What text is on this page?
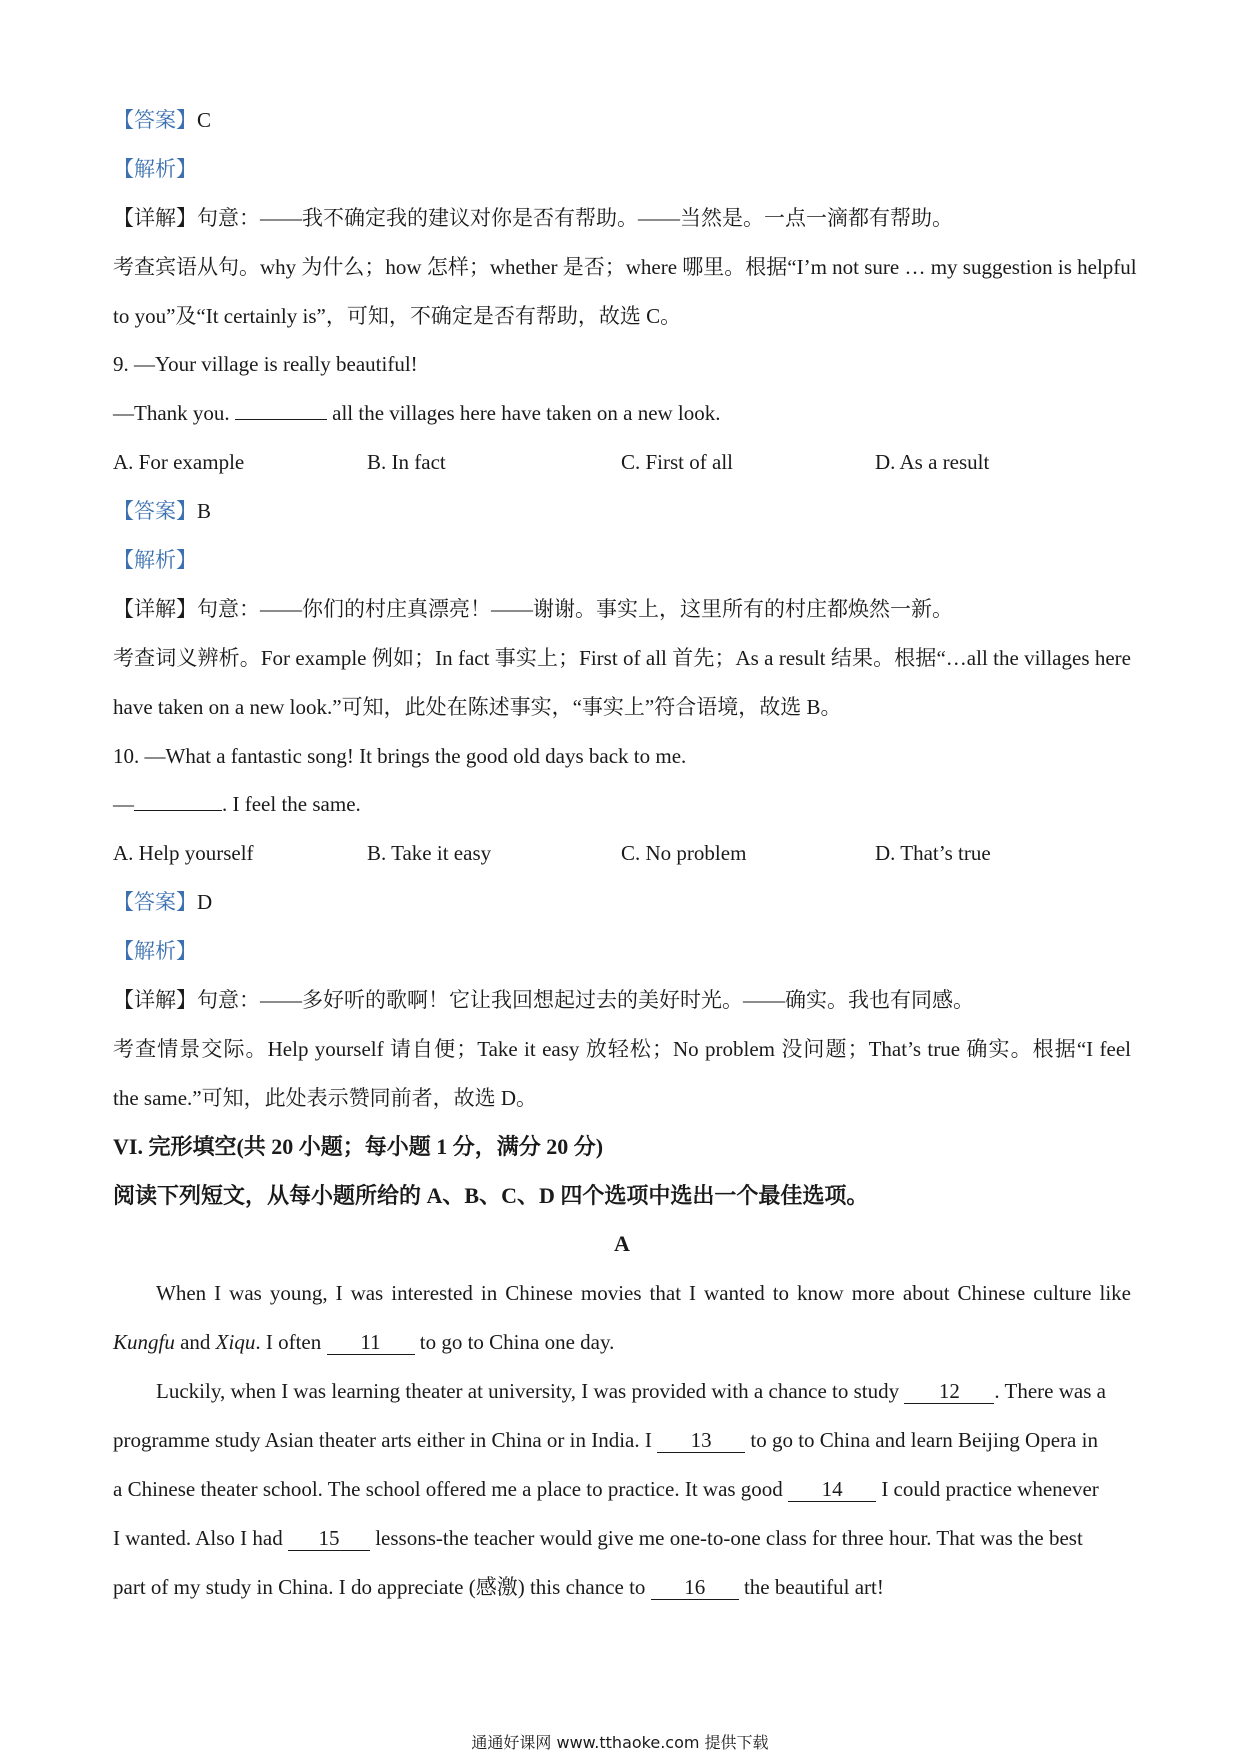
【答案】C
【解析】
【详解】句意：——我不确定我的建议对你是否有帮助。——当然是。一点一滴都有帮助。
考查宾语从句。why 为什么；how 怎样；whether 是否；where 哪里。根据“I’m not sure … my suggestion is helpful
to you”及“It certainly is”，可知，不确定是否有帮助，故选 C。
9. —Your village is really beautiful!
—Thank you.	all the villages here have taken on a new look.
A. For example	B. In fact	C. First of all	D. As a result
【答案】B
【解析】
【详解】句意：——你们的村庄真漂亮！——谢谢。事实上，这里所有的村庄都焕然一新。
考查词义辨析。For example 例如；In fact 事实上；First of all 首先；As a result 结果。根据“…all the villages here
have taken on a new look.”可知，此处在陈述事实，“事实上”符合语境，故选 B。
10. —What a fantastic song! It brings the good old days back to me.
—	. I feel the same.
A. Help yourself	B. Take it easy	C. No problem	D. That’s true
【答案】D
【解析】
【详解】句意：——多好听的歌啊！它让我回想起过去的美好时光。——确实。我也有同感。
考查情景交际。Help yourself 请自便；Take it easy 放轻松；No problem 没问题；That’s true 确实。根据“I feel
the same.”可知，此处表示赞同前者，故选 D。
VI. 完形填空(共 20 小题；每小题 1 分，满分 20 分)
阅读下列短文，从每小题所给的 A、B、C、D 四个选项中选出一个最佳选项。
A
When I was young, I was interested in Chinese movies that I wanted to know more about Chinese culture like
Kungfu and Xiqu. I often 11 to go to China one day.
Luckily, when I was learning theater at university, I was provided with a chance to study 12 . There was a
programme study Asian theater arts either in China or in India. I 13 to go to China and learn Beijing Opera in
a Chinese theater school. The school offered me a place to practice. It was good 14 I could practice whenever
I wanted. Also I had 15 lessons-the teacher would give me one-to-one class for three hour. That was the best
part of my study in China. I do appreciate (感激) this chance to 16 the beautiful art!
通通好课网 www.tthaoke.com 提供下载
